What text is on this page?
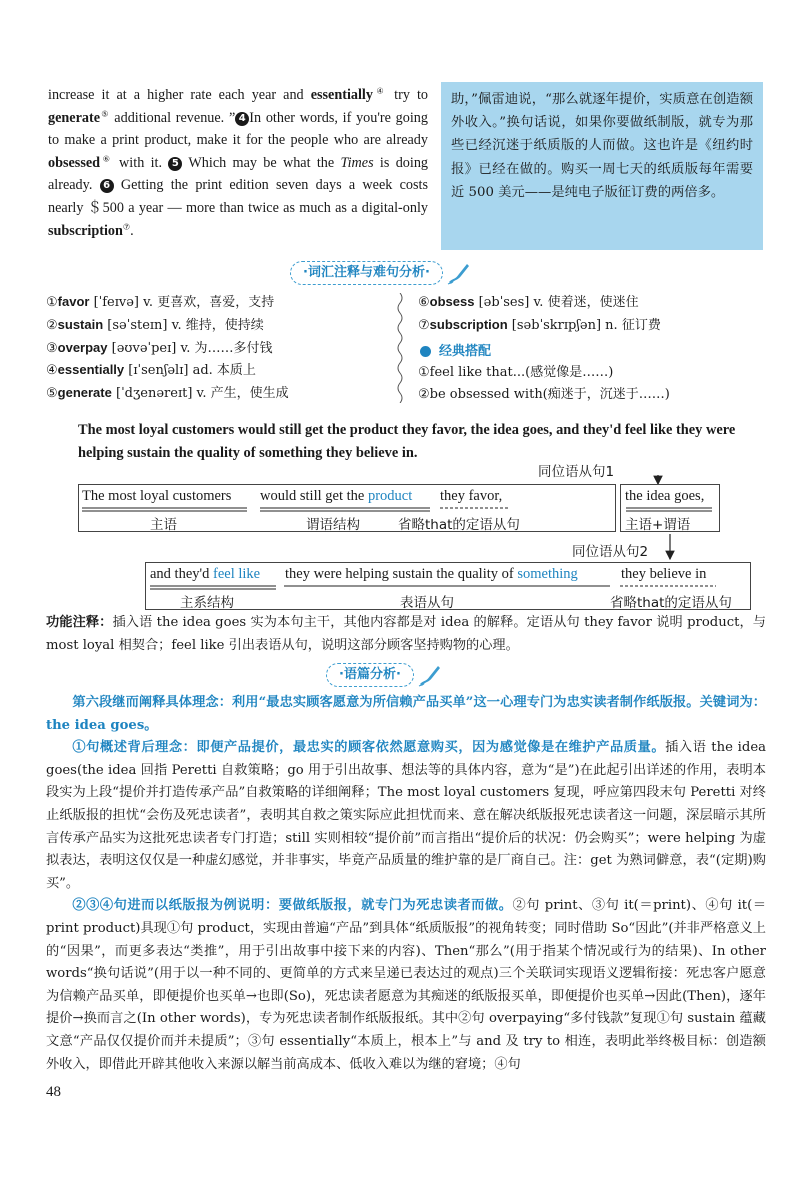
increase it at a higher rate each year and essentially④ try to generate⑤ additional revenue. ” 4 In other words, if you're going to make a print product, make it for the people who are already obsessed⑥ with it. 5 Which may be what the Times is doing already. 6 Getting the print edition seven days a week costs nearly ＄500 a year — more than twice as much as a digital-only subscription⑦.
助，”佩雷迪说，“那么就逐年提价，实质意在创造额外收入。”换句话说，如果你要做纸制版，就专为那些已经沉迷于纸质版的人而做。这也许是《纽约时报》已经在做的。购买一周七天的纸质版每年需要近 500 美元——是纯电子版征订费的两倍多。
·词汇注释与难句分析·
①favor [ˈfeɪvə] v. 更喜欢，喜爱，支持
②sustain [səˈsteɪn] v. 维持，使持续
③overpay [əʊvəˈpeɪ] v. 为……多付钱
④essentially [ɪˈsenʃəlɪ] ad. 本质上
⑤generate [ˈdʒenəreɪt] v. 产生，使生成
⑥obsess [əbˈses] v. 使着迷，使迷住
⑦subscription [səbˈskrɪpʃən] n. 征订费
经典搭配
①feel like that...(感觉像是……)
②be obsessed with(痴迷于，沉迷于……)
The most loyal customers would still get the product they favor, the idea goes, and they'd feel like they were helping sustain the quality of something they believe in.
同位语从句1
同位语从句2
The most loyal customers would still get the product they favor,	the idea goes,
主语	谓语结构	省略that的定语从句	主语+谓语
and they'd feel like they were helping sustain the quality of something	they believe in
主系结构	表语从句	省略that的定语从句
功能注释：插入语 the idea goes 实为本句主干，其他内容都是对 idea 的解释。定语从句 they favor 说明 product，与 most loyal 相契合；feel like 引出表语从句，说明这部分顾客坚持购物的心理。
·语篇分析·

第六段继而阐释具体理念：利用“最忠实顾客愿意为所信赖产品买单”这一心理专门为忠实读者制作纸版报。关键词为：the idea goes。

①句概述背后理念：即便产品提价，最忠实的顾客依然愿意购买，因为感觉像是在维护产品质量。插入语 the idea goes(the idea 回指 Peretti 自救策略；go 用于引出故事、想法等的具体内容，意为“是”)在此起引出详述的作用，表明本段实为上段“提价并打造传承产品”自救策略的详细阐释；The most loyal customers 复现，呼应第四段末句 Peretti 对终止纸版报的担忧“会伤及死忠读者”，表明其自救之策实际应此担忧而来、意在解决纸版报死忠读者这一问题，深层暗示其所言传承产品实为这批死忠读者专门打造；still 实则相较“提价前”而言指出“提价后的状况：仍会购买”；were helping 为虚拟表达，表明这仅仅是一种虚幻感觉，并非事实，毕竟产品质量的维护靠的是厂商自己。注：get 为熟词僻意，表“(定期)购买”。

②③④句进而以纸版报为例说明：要做纸版报，就专门为死忠读者而做。②句 print、③句 it(＝print)、④句 it(＝print product)具现①句 product，实现由普遍“产品”到具体“纸质版报”的视角转变；同时借助 So“因此”(并非严格意义上的“因果”，而更多表达“类推”，用于引出故事中接下来的内容)、Then“那么”(用于指某个情况或行为的结果)、In other words“换句话说”(用于以一种不同的、更简单的方式来呈递已表达过的观点)三个关联词实现语义逻辑衔接：死忠客户愿意为信赖产品买单，即便提价也买单→也即(So)，死忠读者愿意为其痴迷的纸版报买单，即便提价也买单→因此(Then)，逐年提价→换而言之(In other words)，专为死忠读者制作纸版报纸。其中②句 overpaying“多付钱款”复现①句 sustain 蕴藏文意“产品仅仅提价而并未提质”；③句 essentially“本质上，根本上”与 and 及 try to 相连，表明此举终极目标：创造额外收入，即借此开辟其他收入来源以解当前高成本、低收入难以为继的窘境；④句

48
